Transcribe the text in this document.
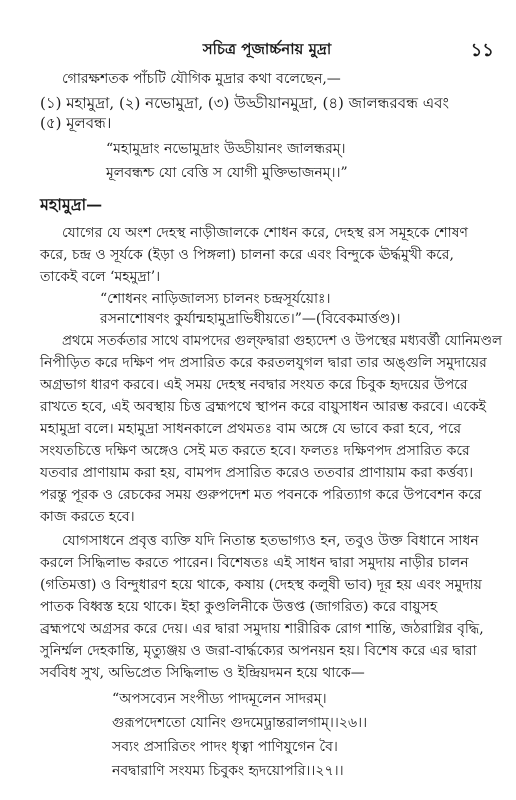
সচিত্র পূজার্চ্চনায় মুদ্রা	১১
গোরক্ষশতক পাঁচটি যৌগিক মুদ্রার কথা বলেছেন,—
(১) মহামুদ্রা, (২) নভোমুদ্রা, (৩) উড্ডীয়ানমুদ্রা, (৪) জালন্ধরবন্ধ এবং
(৫) মূলবন্ধ।
“মহামুদ্রাং নভোমুদ্রাং উড্ডীয়ানং জালন্ধরম্।
মূলবন্ধশ্চ যো বেত্তি স যোগী মুক্তিভাজনম্।।”
মহামুদ্রা—
যোগের যে অংশ দেহস্থ নাড়ীজালকে শোধন করে, দেহস্থ রস সমূহকে শোষণ
করে, চন্দ্র ও সূর্যকে (ইড়া ও পিঙ্গলা) চালনা করে এবং বিন্দুকে ঊর্দ্ধমুখী করে,
তাকেই বলে ‘মহমুদ্রা’।
“শোধনং নাড়িজালস্য চালনং চন্দ্রসূর্যয়োঃ।
রসনাশোষণং কুর্যান্মহামুদ্রাভিধীয়তে।”—(বিবেকমার্ত্তণ্ড)।
প্রথমে সতর্কতার সাথে বামপদের গুল্‌ফদ্বারা গুহ্যদেশ ও উপস্থের মধ্যবর্ত্তী যোনিমণ্ডল
নিপীড়িত করে দক্ষিণ পদ প্রসারিত করে করতলযুগল দ্বারা তার অঙ্গুলি সমুদায়ের
অগ্রভাগ ধারণ করবে। এই সময় দেহস্থ নবদ্বার সংযত করে চিবুক হৃদয়ের উপরে
রাখতে হবে, এই অবস্থায় চিত্ত ব্রহ্মপথে স্থাপন করে বায়ুসাধন আরম্ভ করবে। একেই
মহামুদ্রা বলে। মহামুদ্রা সাধনকালে প্রথমতঃ বাম অঙ্গে যে ভাবে করা হবে, পরে
সংযতচিত্তে দক্ষিণ অঙ্গেও সেই মত করতে হবে। ফলতঃ দক্ষিণপদ প্রসারিত করে
যতবার প্রাণায়াম করা হয়, বামপদ প্রসারিত করেও ততবার প্রাণায়াম করা কর্ত্তব্য।
পরন্তু পূরক ও রেচকের সময় গুরুপদেশ মত পবনকে পরিত্যাগ করে উপবেশন করে
কাজ করতে হবে।
যোগসাধনে প্রবৃত্ত ব্যক্তি যদি নিতান্ত হতভাগ্যও হন, তবুও উক্ত বিধানে সাধন
করলে সিদ্ধিলাভ করতে পারেন। বিশেষতঃ এই সাধন দ্বারা সমুদায় নাড়ীর চালন
(গতিমত্তা) ও বিন্দুধারণ হয়ে থাকে, কষায় (দেহস্থ কলুষী ভাব) দূর হয় এবং সমুদায়
পাতক বিধ্বস্ত হয়ে থাকে। ইহা কুণ্ডলিনীকে উত্তপ্ত (জাগরিত) করে বায়ুসহ
ব্রহ্মপথে অগ্রসর করে দেয়। এর দ্বারা সমুদায় শারীরিক রোগ শান্তি, জঠরাগ্নির বৃদ্ধি,
সুনির্ম্মল দেহকান্তি, মৃত্যুঞ্জয় ও জরা-বার্দ্ধক্যের অপনয়ন হয়। বিশেষ করে এর দ্বারা
সর্ববিধ সুখ, অভিপ্রেত সিদ্ধিলাভ ও ইন্দ্রিয়দমন হয়ে থাকে—
“অপসব্যেন সংপীড্য পাদমূলেন সাদরম্।
গুরূপদেশতো যোনিং গুদমেঢ়্রান্তরালগাম্।।২৬।।
সব্যং প্রসারিতং পাদং ধৃত্বা পাণিযুগেন বৈ।
নবদ্বারাণি সংযম্য চিবুকং হৃদয়োপরি।।২৭।।
